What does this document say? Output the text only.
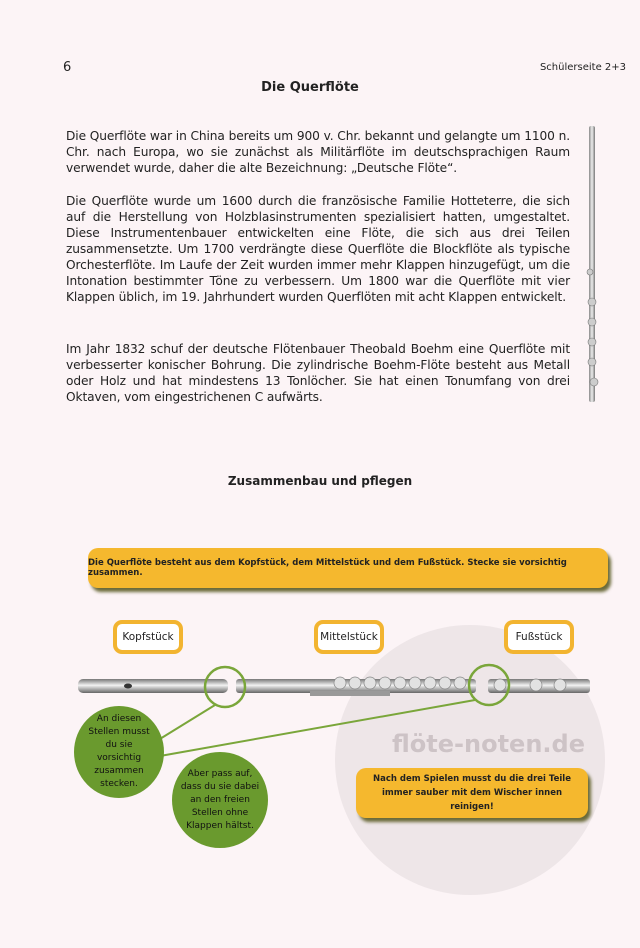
6	Schülerseite 2+3
Die Querflöte
Die Querflöte war in China bereits um 900 v. Chr. bekannt und gelangte um 1100 n. Chr. nach Europa, wo sie zunächst als Militärflöte im deutschsprachigen Raum verwendet wurde, daher die alte Bezeichnung: „Deutsche Flöte“.
Die Querflöte wurde um 1600 durch die französische Familie Hotteterre, die sich auf die Herstellung von Holzblasinstrumenten spezialisiert hatten, umgestaltet. Diese Instrumentenbauer entwickelten eine Flöte, die sich aus drei Teilen zusammensetzte. Um 1700 verdrängte diese Querflöte die Blockflöte als typische Orchesterflöte. Im Laufe der Zeit wurden immer mehr Klappen hinzugefügt, um die Intonation bestimmter Töne zu verbessern. Um 1800 war die Querflöte mit vier Klappen üblich, im 19. Jahrhundert wurden Querflöten mit acht Klappen entwickelt.
Im Jahr 1832 schuf der deutsche Flötenbauer Theobald Boehm eine Querflöte mit verbesserter konischer Bohrung. Die zylindrische Boehm-Flöte besteht aus Metall oder Holz und hat mindestens 13 Tonlöcher. Sie hat einen Tonumfang von drei Oktaven, vom eingestrichenen C aufwärts.
Zusammenbau und pflegen
flöte-noten.de
Die Querflöte besteht aus dem Kopfstück, dem Mittelstück und dem Fußstück. Stecke sie vorsichtig zusammen.
Kopfstück	Mittelstück	Fußstück
An diesen Stellen musst du sie vorsichtig zusammen stecken.
Aber pass auf, dass du sie dabei an den freien Stellen ohne Klappen hältst.
Nach dem Spielen musst du die drei Teile immer sauber mit dem Wischer innen reinigen!
